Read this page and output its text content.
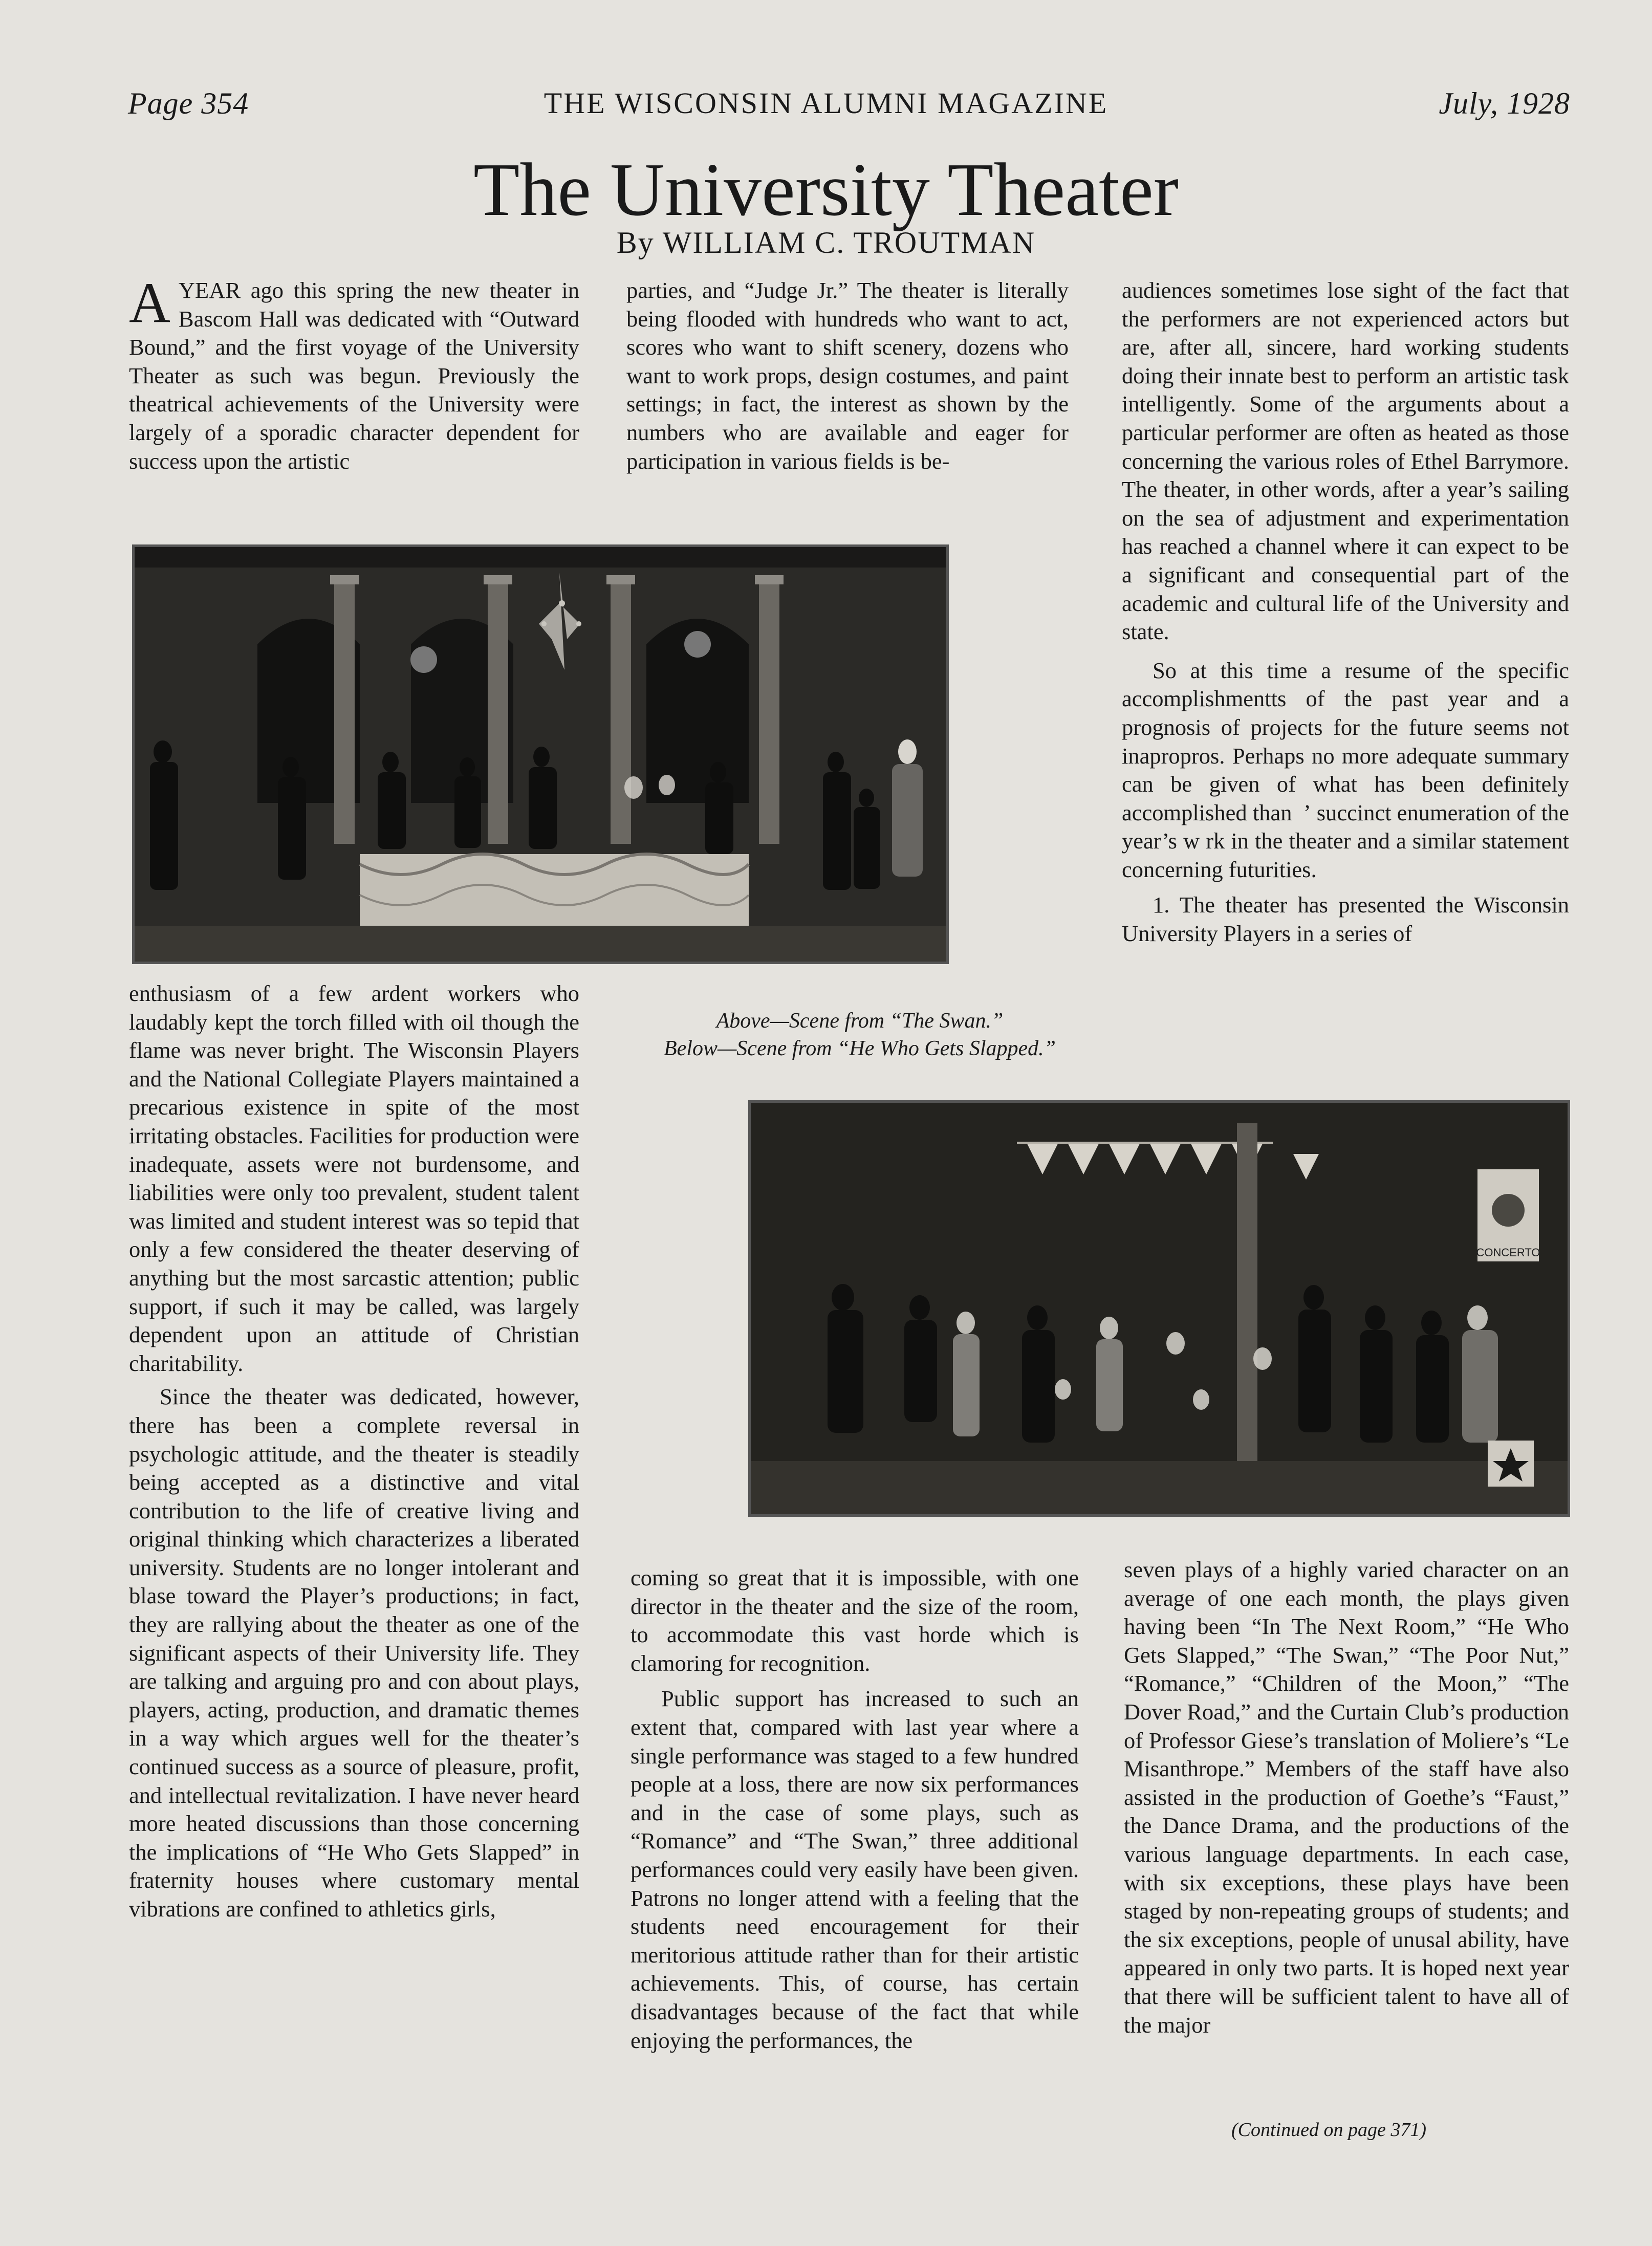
Page 354	THE WISCONSIN ALUMNI MAGAZINE	July, 1928
The University Theater
By WILLIAM C. TROUTMAN

A YEAR ago this spring the new theater in Bascom Hall was dedicated with “Outward Bound,” and the first voyage of the University Theater as such was begun. Previously the theatrical achievements of the University were largely of a sporadic character dependent for success upon the artistic

parties, and “Judge Jr.” The theater is literally being flooded with hundreds who want to act, scores who want to shift scenery, dozens who want to work props, design costumes, and paint settings; in fact, the interest as shown by the numbers who are available and eager for participation in various fields is be-

audiences sometimes lose sight of the fact that the performers are not experienced actors but are, after all, sincere, hard working students doing their innate best to perform an artistic task intelligently. Some of the arguments about a particular performer are often as heated as those concerning the various roles of Ethel Barrymore. The theater, in other words, after a year’s sailing on the sea of adjustment and experimentation has reached a channel where it can expect to be a significant and consequential part of the academic and cultural life of the University and state.

So at this time a resume of the specific accomplishmentts of the past year and a prognosis of projects for the future seems not inapropros. Perhaps no more adequate summary can be given of what has been definitely accomplished than  ʼ succinct enumeration of the year’s w rk in the theater and a similar statement concerning futurities.

1. The theater has presented the Wisconsin University Players in a series of

Above—Scene from “The Swan.”
Below—Scene from “He Who Gets Slapped.”

enthusiasm of a few ardent workers who laudably kept the torch filled with oil though the flame was never bright. The Wisconsin Players and the National Collegiate Players maintained a precarious existence in spite of the most irritating obstacles. Facilities for production were inadequate, assets were not burdensome, and liabilities were only too prevalent, student talent was limited and student interest was so tepid that only a few considered the theater deserving of anything but the most sarcastic attention; public support, if such it may be called, was largely dependent upon an attitude of Christian charitability.

Since the theater was dedicated, however, there has been a complete reversal in psychologic attitude, and the theater is steadily being accepted as a distinctive and vital contribution to the life of creative living and original thinking which characterizes a liberated university. Students are no longer intolerant and blase toward the Player’s productions; in fact, they are rallying about the theater as one of the significant aspects of their University life. They are talking and arguing pro and con about plays, players, acting, production, and dramatic themes in a way which argues well for the theater’s continued success as a source of pleasure, profit, and intellectual revitalization. I have never heard more heated discussions than those concerning the implications of “He Who Gets Slapped” in fraternity houses where customary mental vibrations are confined to athletics girls,

CONCERTO

coming so great that it is impossible, with one director in the theater and the size of the room, to accommodate this vast horde which is clamoring for recognition.

Public support has increased to such an extent that, compared with last year where a single performance was staged to a few hundred people at a loss, there are now six performances and in the case of some plays, such as “Romance” and “The Swan,” three additional performances could very easily have been given. Patrons no longer attend with a feeling that the students need encouragement for their meritorious attitude rather than for their artistic achievements. This, of course, has certain disadvantages because of the fact that while enjoying the performances, the

seven plays of a highly varied character on an average of one each month, the plays given having been “In The Next Room,” “He Who Gets Slapped,” “The Swan,” “The Poor Nut,” “Romance,” “Children of the Moon,” “The Dover Road,” and the Curtain Club’s production of Professor Giese’s translation of Moliere’s “Le Misanthrope.” Members of the staff have also assisted in the production of Goethe’s “Faust,” the Dance Drama, and the productions of the various language departments. In each case, with six exceptions, these plays have been staged by non-repeating groups of students; and the six exceptions, people of unusal ability, have appeared in only two parts. It is hoped next year that there will be sufficient talent to have all of the major

(Continued on page 371)
